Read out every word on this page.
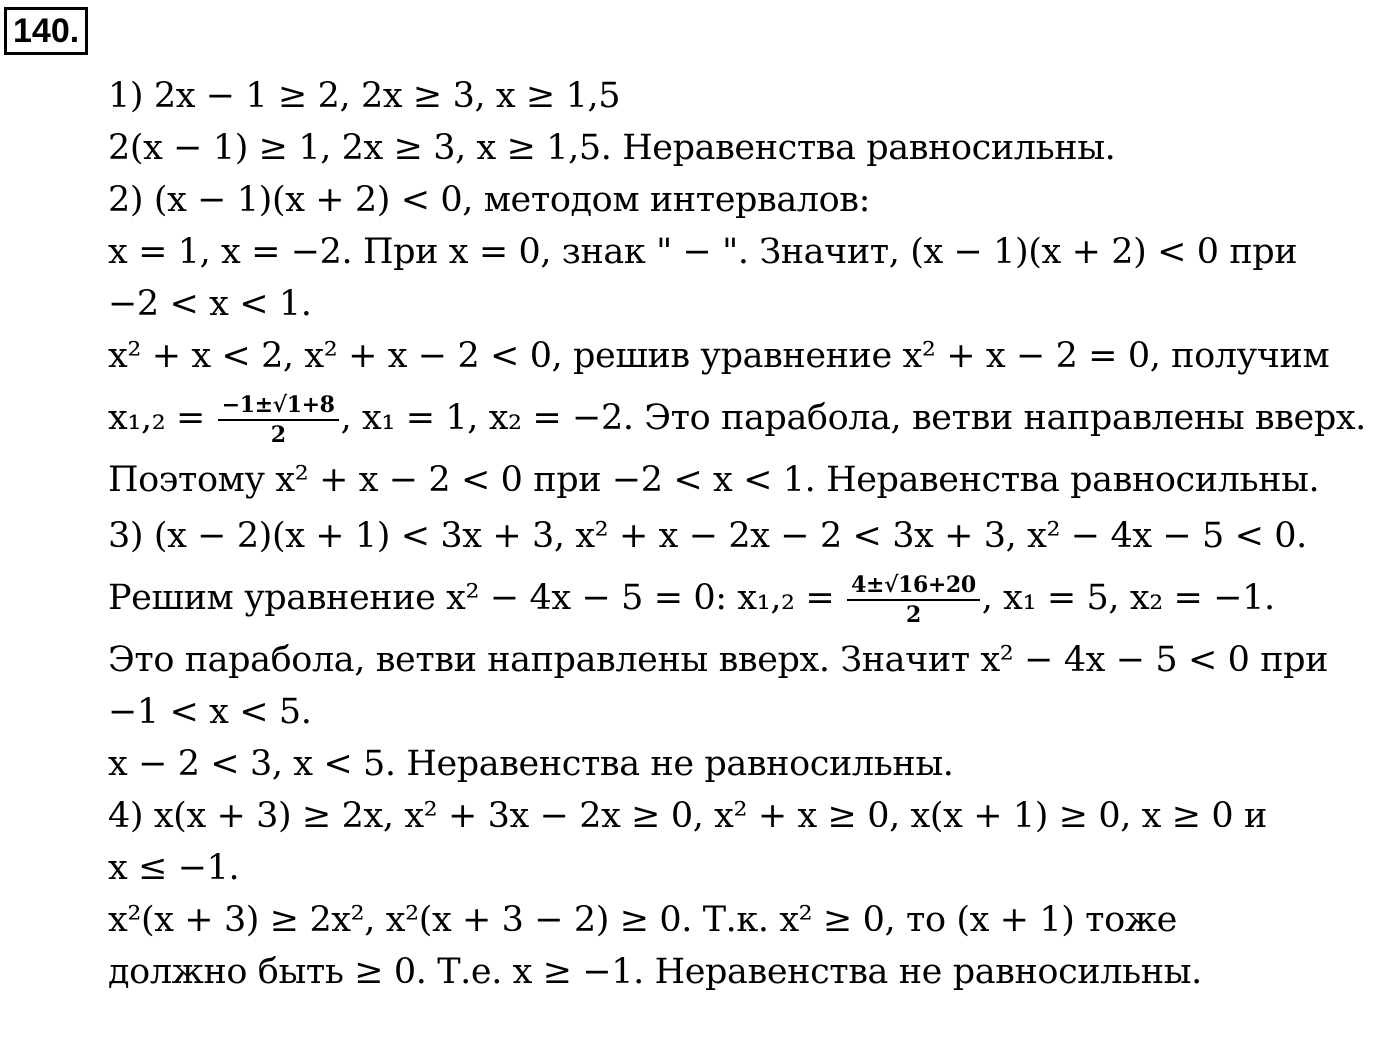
140.
1) 2x − 1 ≥ 2, 2x ≥ 3, x ≥ 1,5
2(x − 1) ≥ 1, 2x ≥ 3, x ≥ 1,5. Неравенства равносильны.
2) (x − 1)(x + 2) < 0, методом интервалов:
x = 1, x = −2. При x = 0, знак " − ". Значит, (x − 1)(x + 2) < 0 при
−2 < x < 1.
x² + x < 2, x² + x − 2 < 0, решив уравнение x² + x − 2 = 0, получим
$x_1,_2 = \frac{-1\pm√1+8}{2}$ , x₁ = 1, x₂ = −2. Это парабола, ветви направлены вверх.
Поэтому x² + x − 2 < 0 при −2 < x < 1. Неравенства равносильны.
3) (x − 2)(x + 1) < 3x + 3, x² + x − 2x − 2 < 3x + 3, x² − 4x − 5 < 0.
Решим уравнение x² − 4x − 5 = 0: $x_1,_2 = \frac{4\pm√16+20}{2}$ , x₁ = 5, x₂ = −1.
Это парабола, ветви направлены вверх. Значит x² − 4x − 5 < 0 при
−1 < x < 5.
x − 2 < 3, x < 5. Неравенства не равносильны.
4) x(x + 3) ≥ 2x, x² + 3x − 2x ≥ 0, x² + x ≥ 0, x(x + 1) ≥ 0, x ≥ 0 и
x ≤ −1.
x²(x + 3) ≥ 2x², x²(x + 3 − 2) ≥ 0. Т.к. x² ≥ 0, то (x + 1) тоже
должно быть ≥ 0. Т.е. x ≥ −1. Неравенства не равносильны.
